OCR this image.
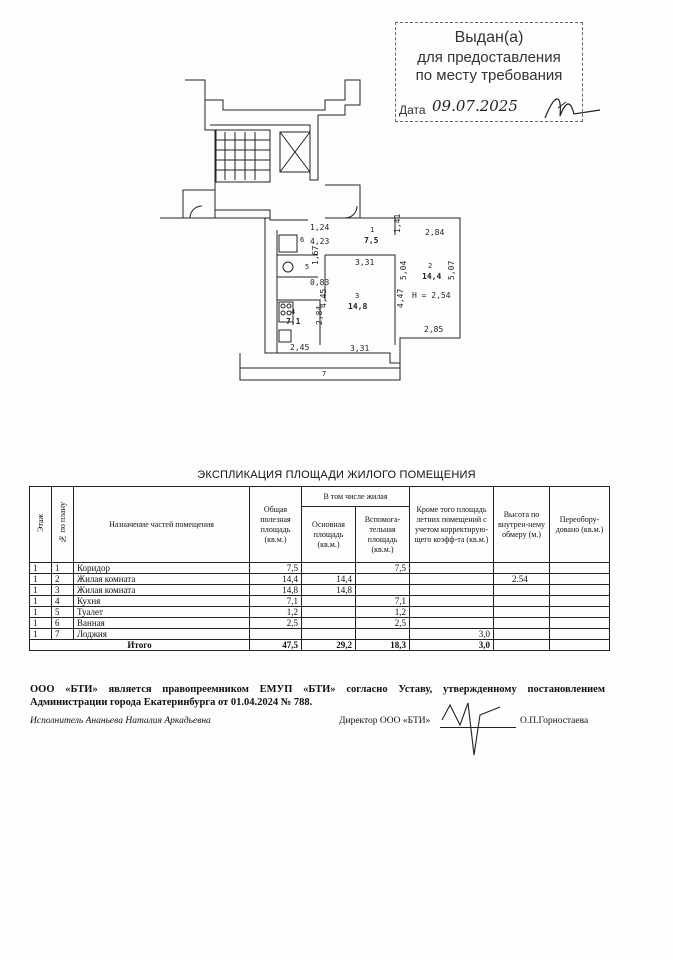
Выдан(а)
для предоставления
по месту требования
Дата 09.07.2025
1,24
4,23
1
7,5
1,41	2,84
1,67	3,31	5,04	2
14,4 5,07
H = 2,54
0,83
4,45	3
14,8	4,47
4
7,1
6
5
2,84
2,85
2,45	3,31
7
ЭКСПЛИКАЦИЯ ПЛОЩАДИ ЖИЛОГО ПОМЕЩЕНИЯ
Этаж	№ по плану	Назначение частей помещения	Общая полезная площадь (кв.м.)	В том числе жилая		Кроме того площадь летних помещений с учетом корректирую-щего коэфф-та (кв.м.)	Высота по внутрен-нему обмеру (м.)	Переобору-довано (кв.м.)
				Основная площадь (кв.м.)	Вспомога-тельная площадь (кв.м.)			
1	1	Коридор	7,5		7,5			
1	2	Жилая комната	14,4	14,4			2.54	
1	3	Жилая комната	14,8	14,8				
1	4	Кухня	7,1		7,1			
1	5	Туалет	1,2		1,2			
1	6	Ванная	2,5		2,5			
1	7	Лоджия				3,0		
Итого			47,5	29,2	18,3	3,0		
ООО «БТИ» является правопреемником ЕМУП «БТИ» согласно Уставу, утвержденному постановлением Администрации города Екатеринбурга от 01.04.2024 № 788.
Исполнитель Ананьева Наталия Аркадьевна	Директор ООО «БТИ»	О.П.Горностаева
